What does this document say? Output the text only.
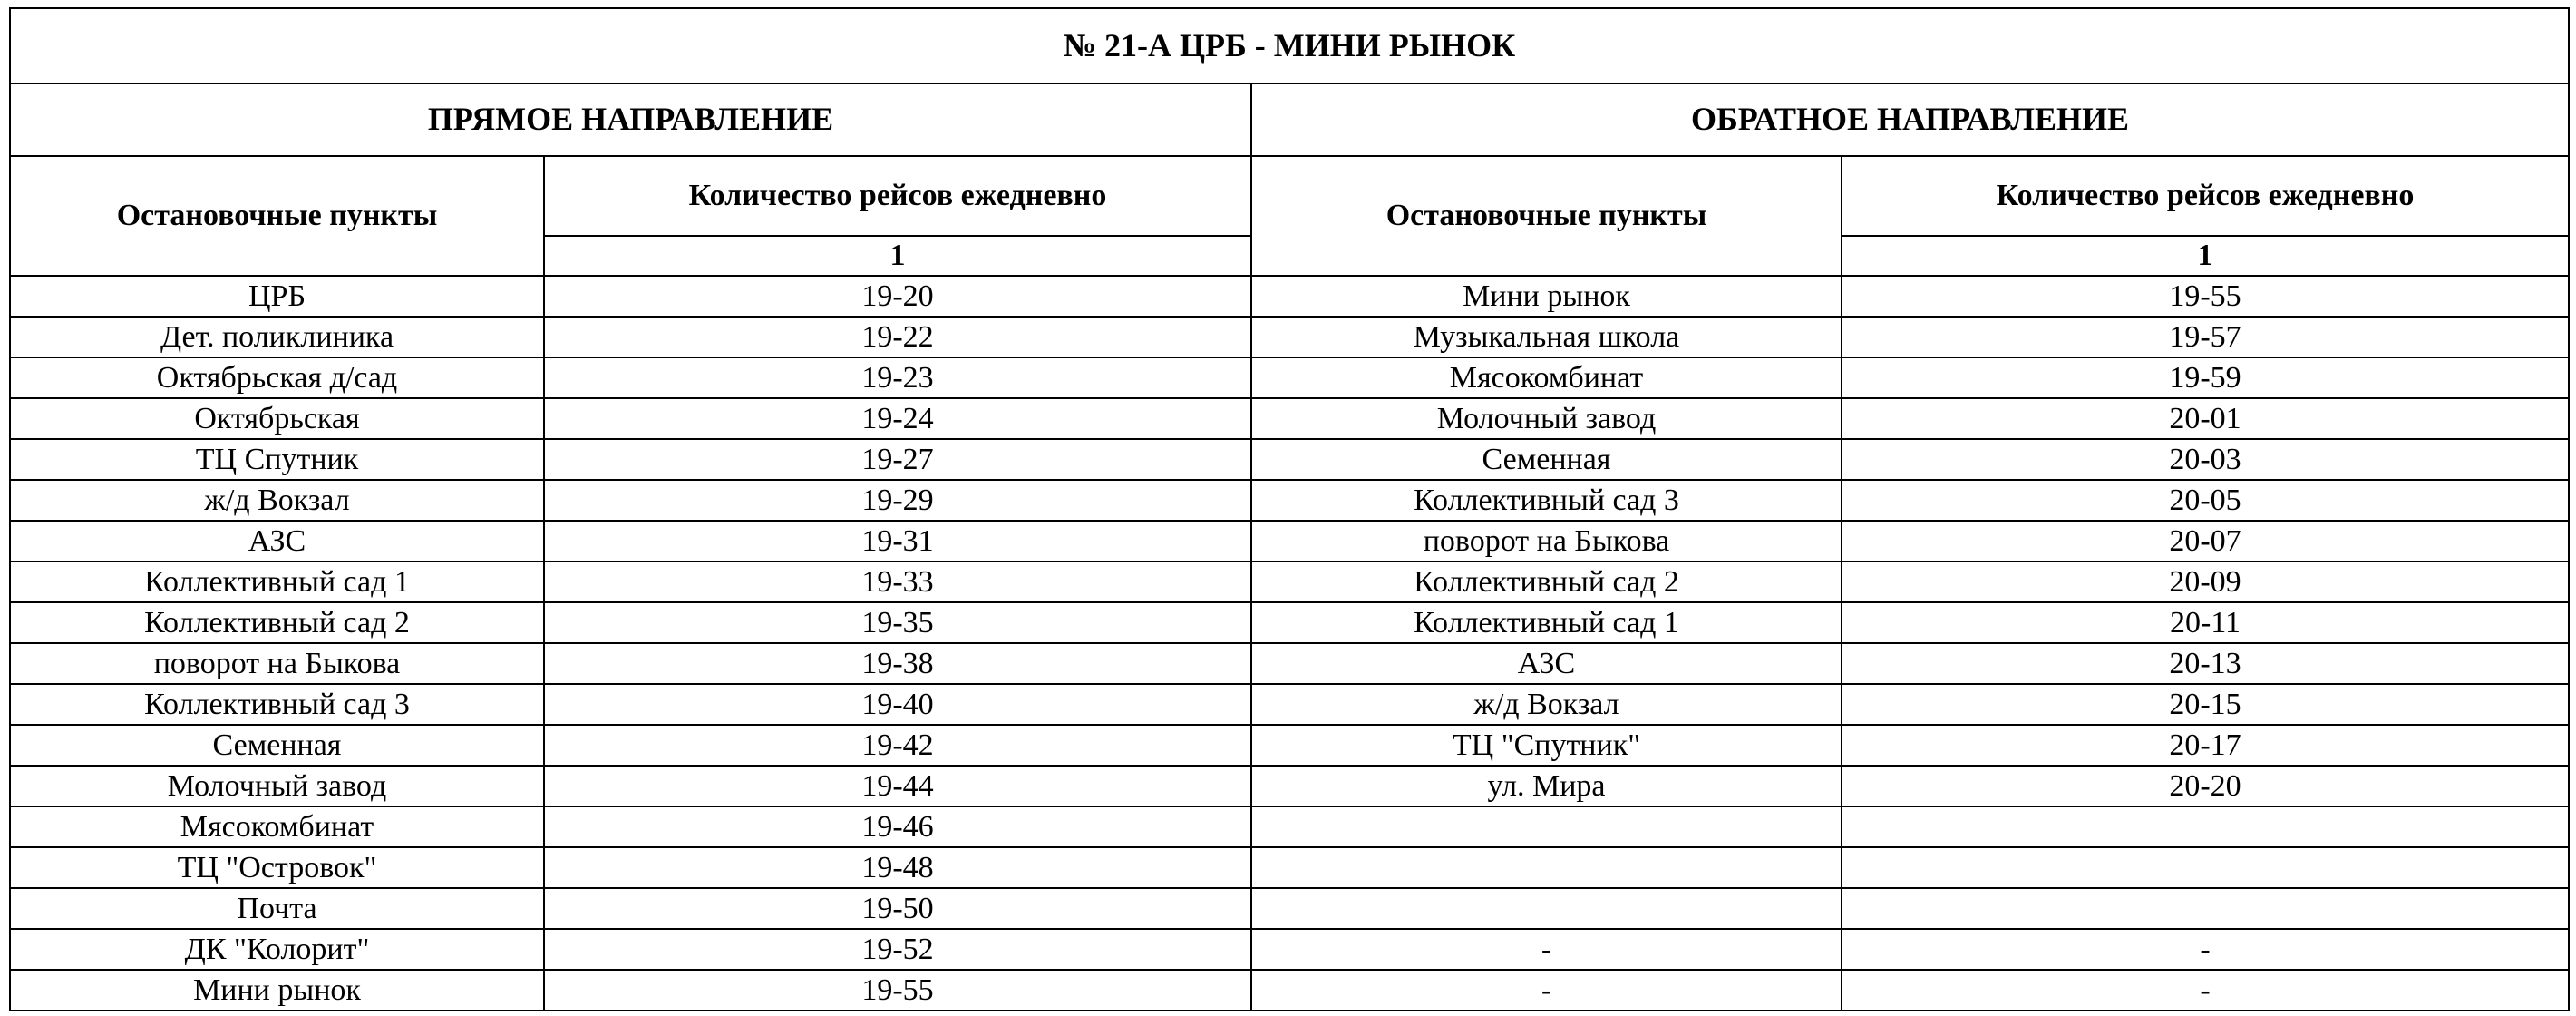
№ 21-А ЦРБ - МИНИ РЫНОК			
ПРЯМОЕ НАПРАВЛЕНИЕ		ОБРАТНОЕ НАПРАВЛЕНИЕ	
Остановочные пункты	Количество рейсов ежедневно	Остановочные пункты	Количество рейсов ежедневно
	1		1
ЦРБ	19-20	Мини рынок	19-55
Дет. поликлиника	19-22	Музыкальная школа	19-57
Октябрьская д/сад	19-23	Мясокомбинат	19-59
Октябрьская	19-24	Молочный завод	20-01
ТЦ Спутник	19-27	Семенная	20-03
ж/д Вокзал	19-29	Коллективный сад 3	20-05
АЗС	19-31	поворот на Быкова	20-07
Коллективный сад 1	19-33	Коллективный сад 2	20-09
Коллективный сад 2	19-35	Коллективный сад 1	20-11
поворот на Быкова	19-38	АЗС	20-13
Коллективный сад 3	19-40	ж/д Вокзал	20-15
Семенная	19-42	ТЦ "Спутник"	20-17
Молочный завод	19-44	ул. Мира	20-20
Мясокомбинат	19-46		
ТЦ "Островок"	19-48		
Почта	19-50		
ДК "Колорит"	19-52	-	-
Мини рынок	19-55	-	-
